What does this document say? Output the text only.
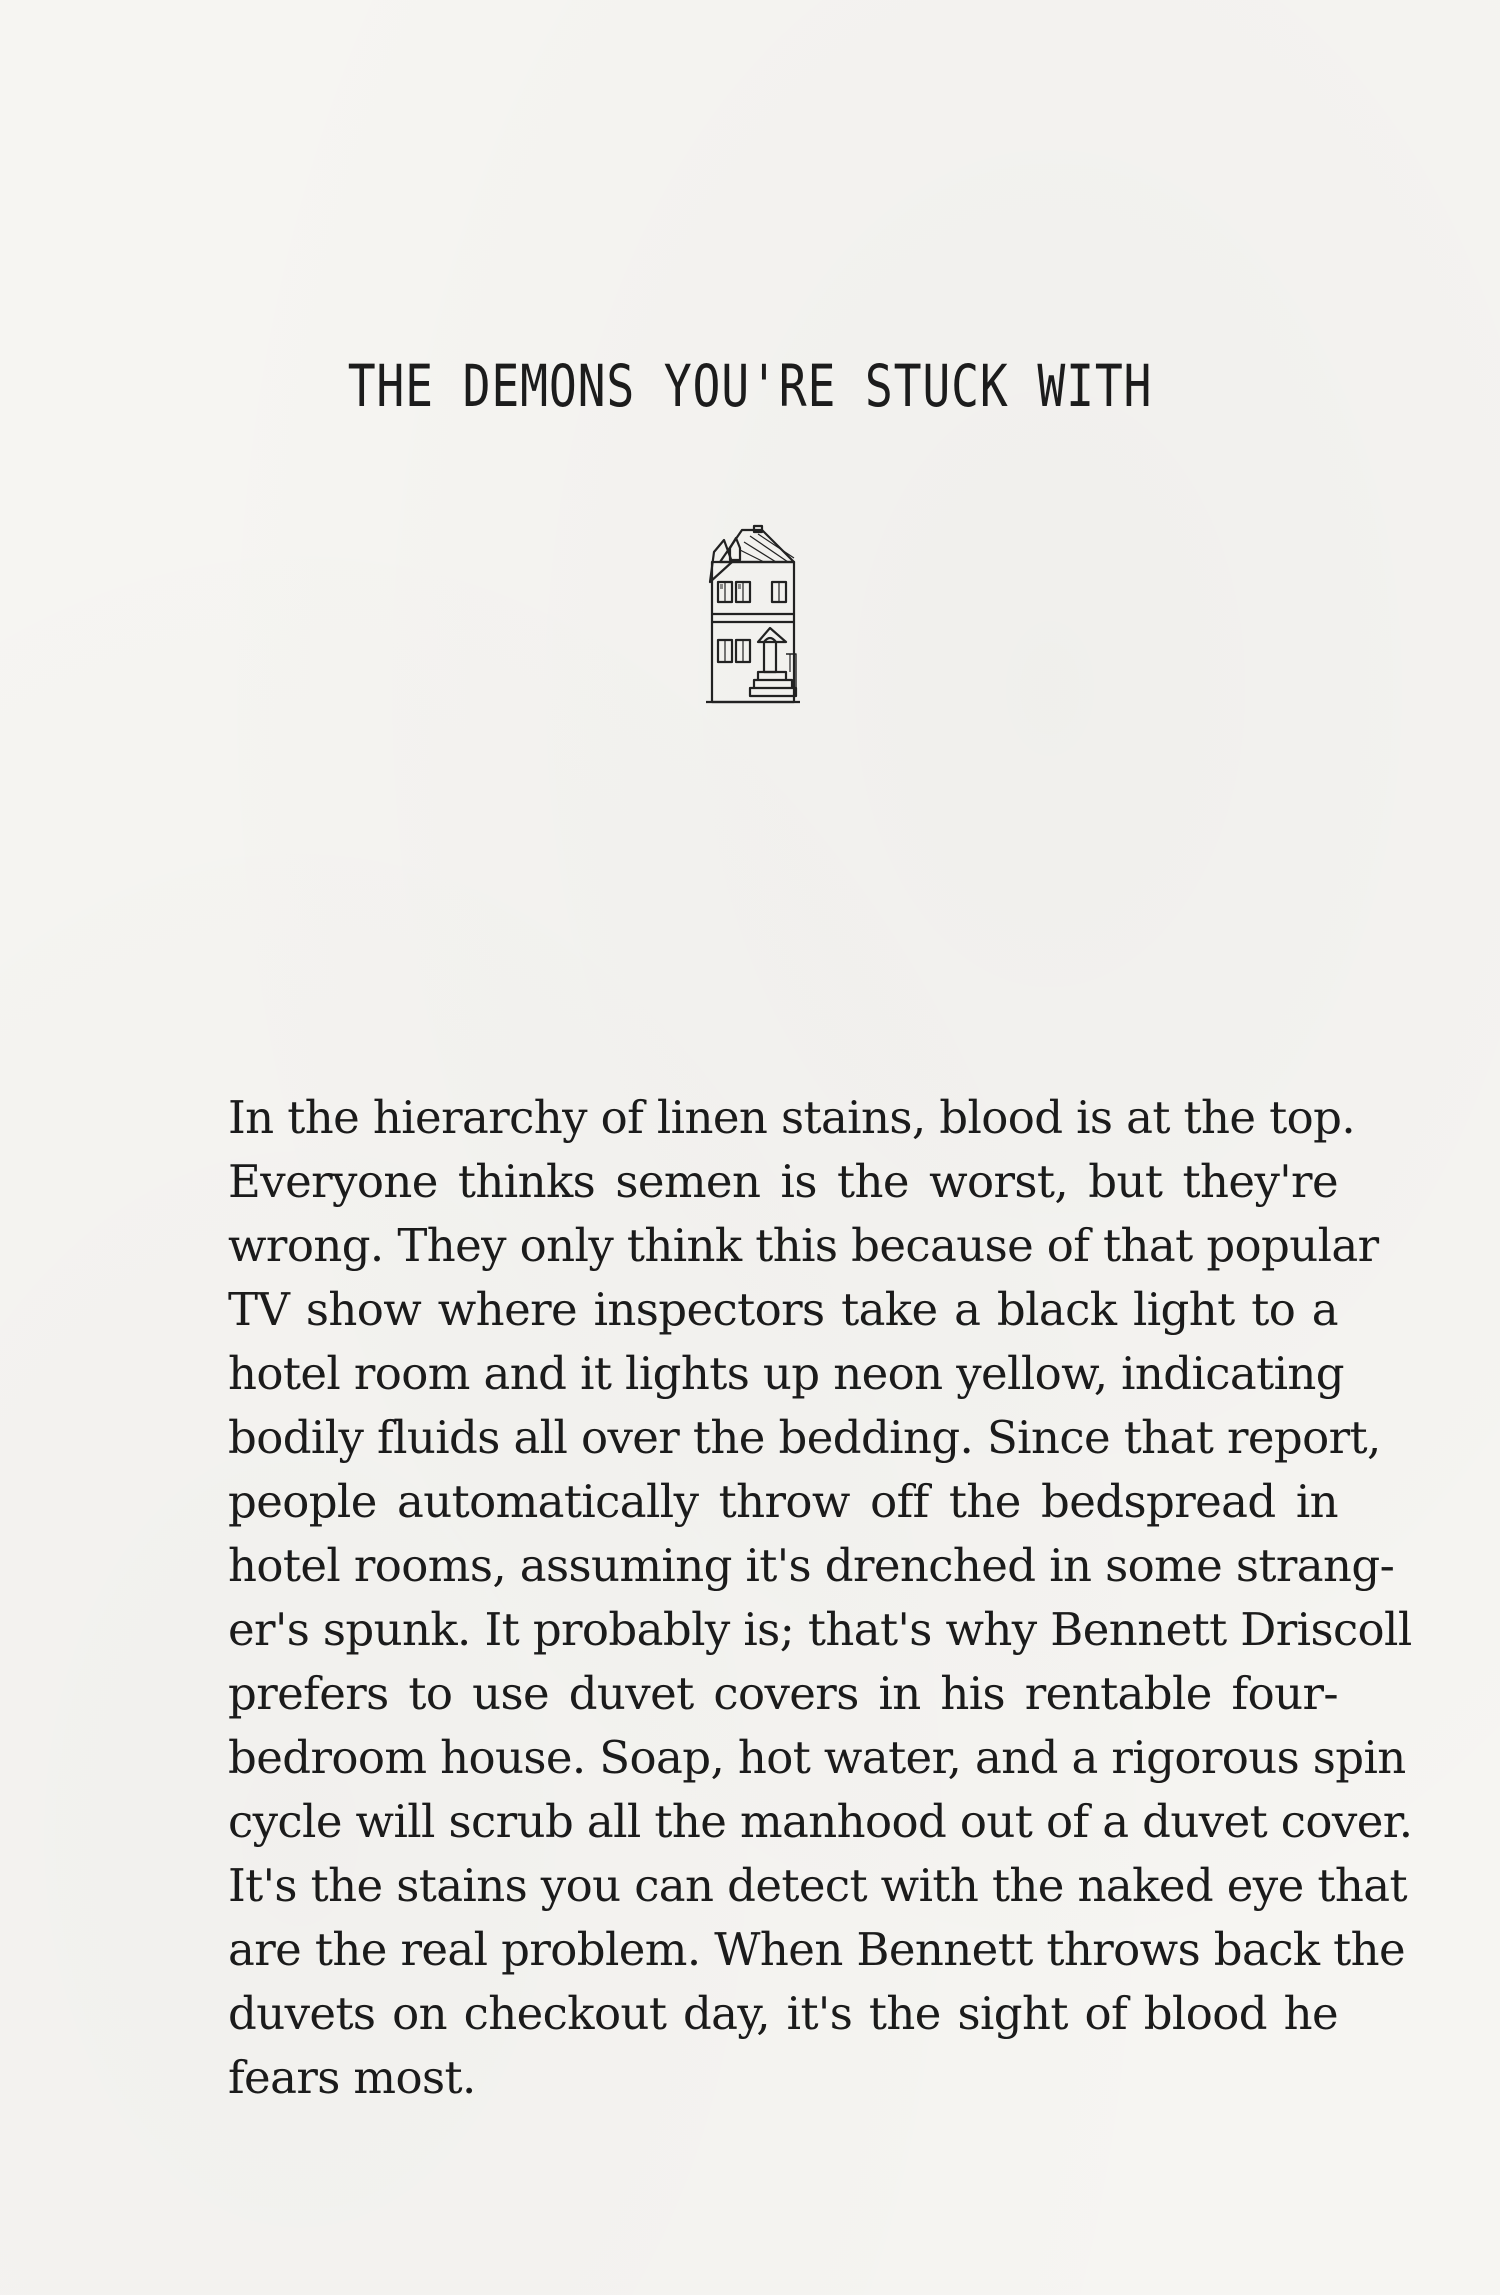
THE DEMONS YOU'RE STUCK WITH
In the hierarchy of linen stains, blood is at the top.
Everyone thinks semen is the worst, but they're
wrong. They only think this because of that popular
TV show where inspectors take a black light to a
hotel room and it lights up neon yellow, indicating
bodily fluids all over the bedding. Since that report,
people automatically throw off the bedspread in
hotel rooms, assuming it's drenched in some strang-
er's spunk. It probably is; that's why Bennett Driscoll
prefers to use duvet covers in his rentable four-
bedroom house. Soap, hot water, and a rigorous spin
cycle will scrub all the manhood out of a duvet cover.
It's the stains you can detect with the naked eye that
are the real problem. When Bennett throws back the
duvets on checkout day, it's the sight of blood he
fears most.
